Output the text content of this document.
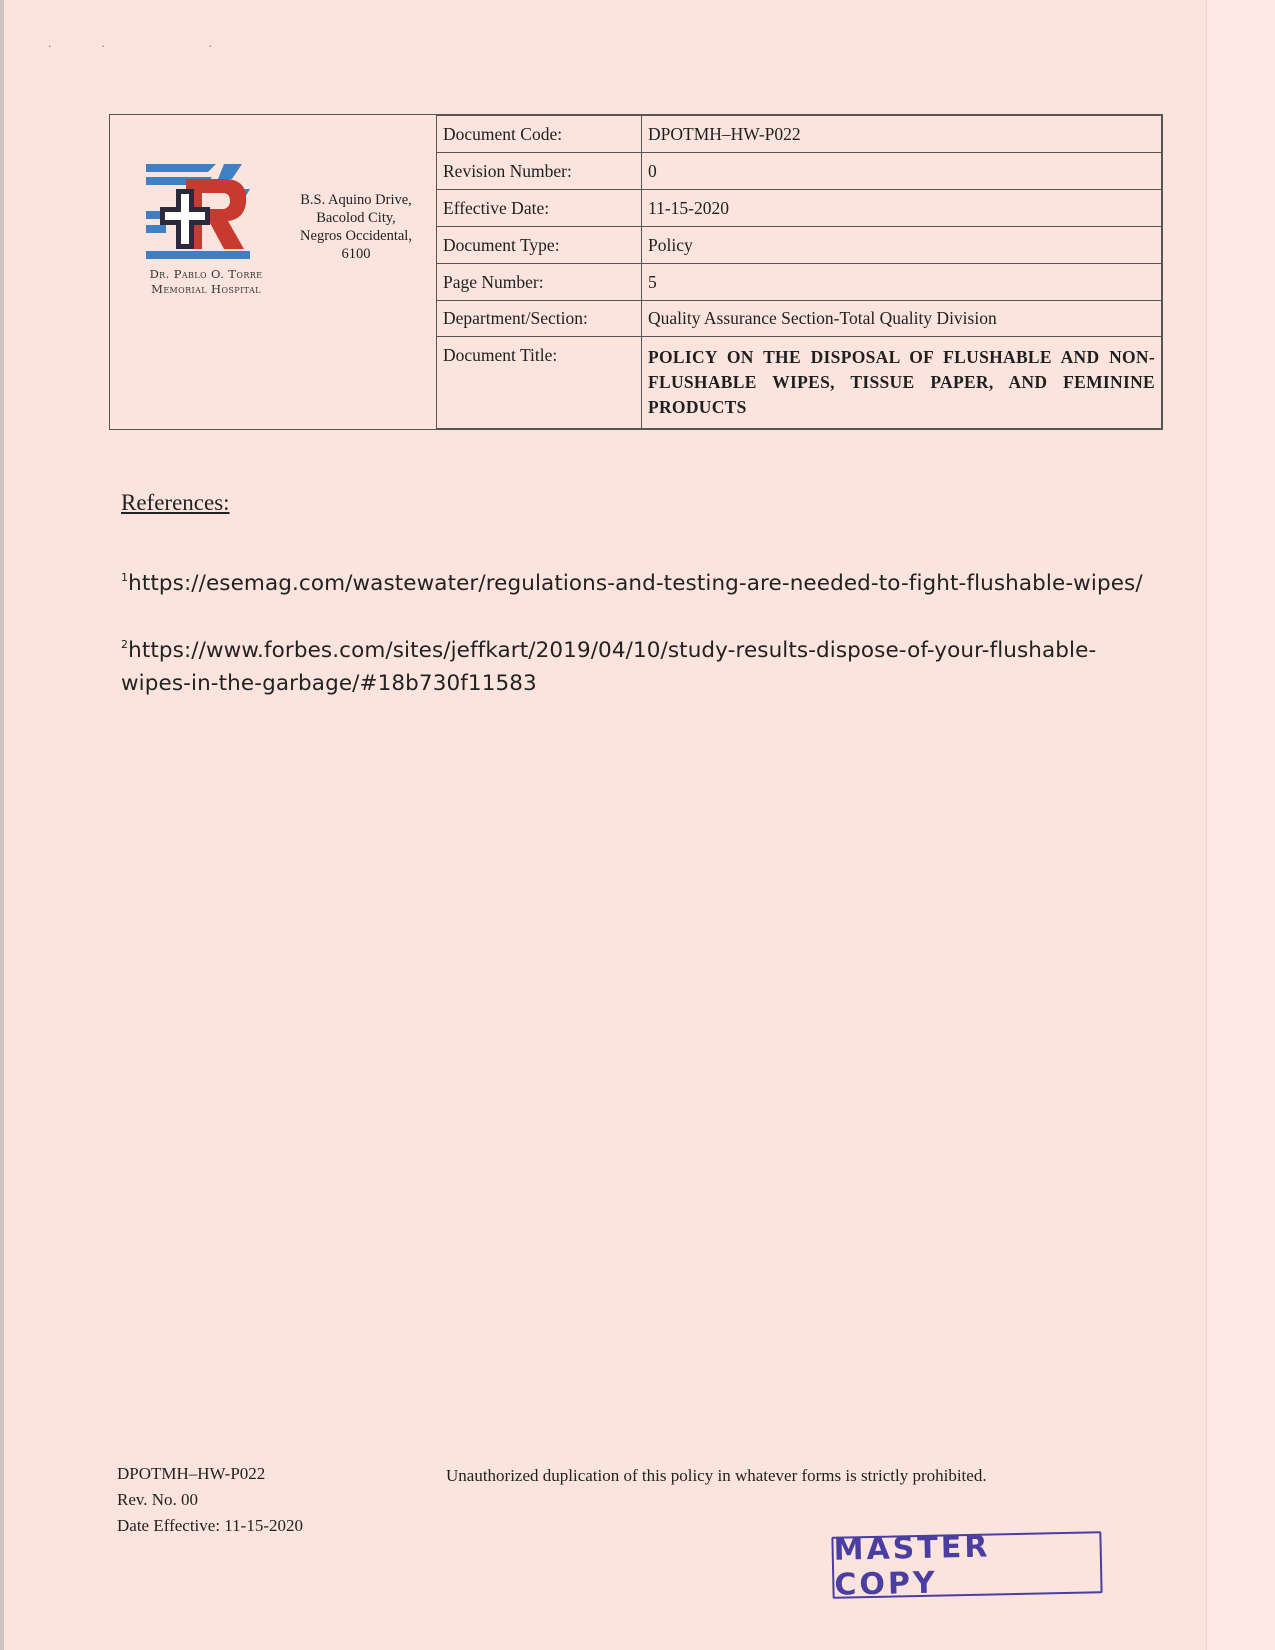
·· ·
Dr. Pablo O. Torre Memorial Hospital
B.S. Aquino Drive,
Bacolod City,
Negros Occidental,
6100
Document Code:	DPOTMH–HW-P022
Revision Number:	0
Effective Date:	11-15-2020
Document Type:	Policy
Page Number:	5
Department/Section:	Quality Assurance Section-Total Quality Division
Document Title:	POLICY ON THE DISPOSAL OF FLUSHABLE AND NON-FLUSHABLE WIPES, TISSUE PAPER, AND FEMININE PRODUCTS
References:
$^1$https://esemag.com/wastewater/regulations-and-testing-are-needed-to-fight-flushable-wipes/
$^2$https://www.forbes.com/sites/jeffkart/2019/04/10/study-results-dispose-of-your-flushable-wipes-in-the-garbage/#18b730f11583
DPOTMH–HW-P022
Rev. No. 00
Date Effective: 11-15-2020
Unauthorized duplication of this policy in whatever forms is strictly prohibited.
MASTER COPY
